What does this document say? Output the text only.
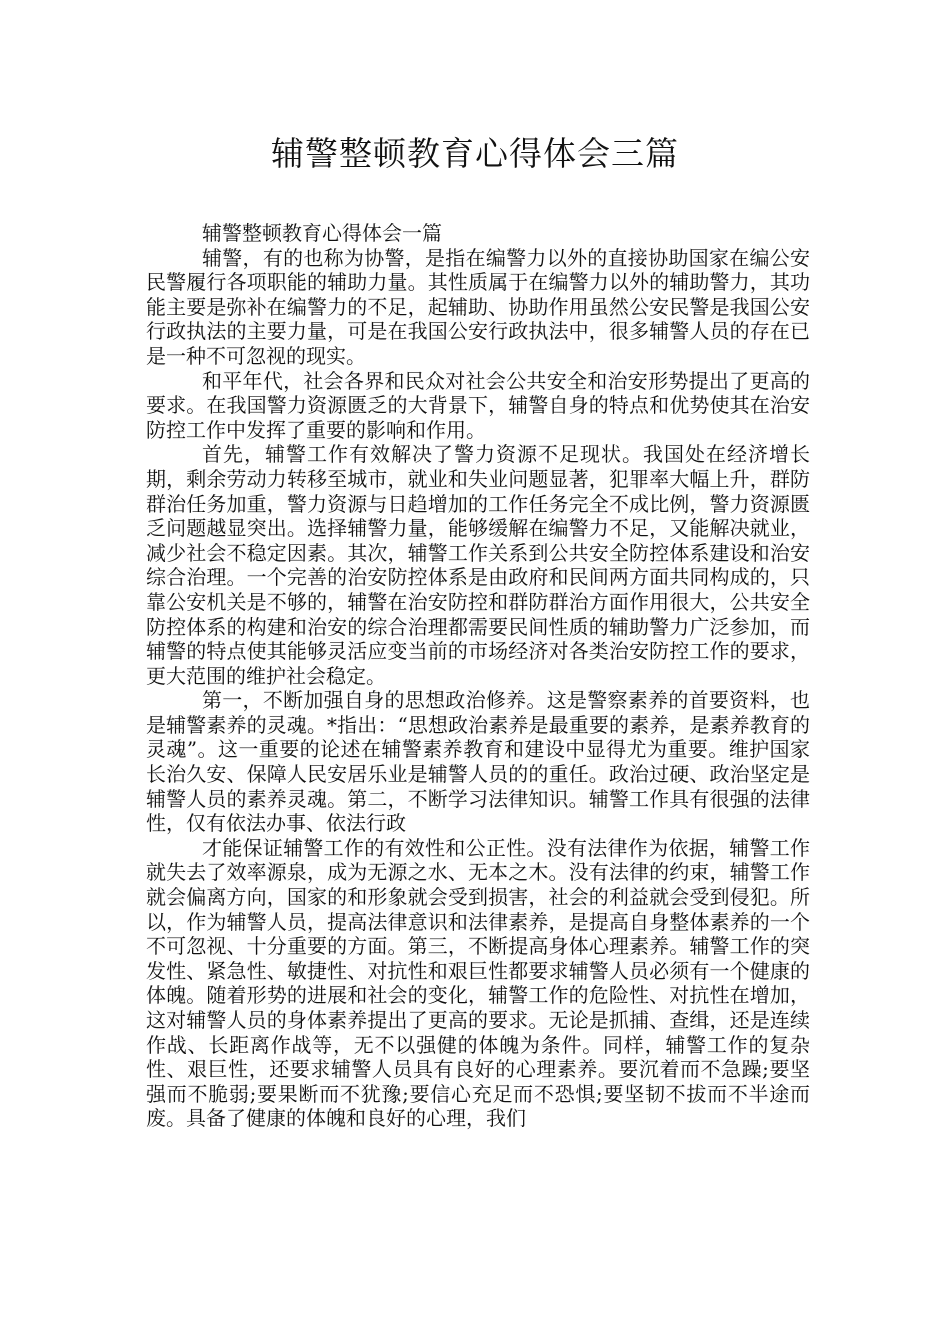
辅警整顿教育心得体会三篇

辅警整顿教育心得体会一篇

辅警，有的也称为协警，是指在编警力以外的直接协助国家在编公安民警履行各项职能的辅助力量。其性质属于在编警力以外的辅助警力，其功能主要是弥补在编警力的不足，起辅助、协助作用虽然公安民警是我国公安行政执法的主要力量，可是在我国公安行政执法中，很多辅警人员的存在已是一种不可忽视的现实。

和平年代，社会各界和民众对社会公共安全和治安形势提出了更高的要求。在我国警力资源匮乏的大背景下，辅警自身的特点和优势使其在治安防控工作中发挥了重要的影响和作用。

首先，辅警工作有效解决了警力资源不足现状。我国处在经济增长期，剩余劳动力转移至城市，就业和失业问题显著，犯罪率大幅上升，群防群治任务加重，警力资源与日趋增加的工作任务完全不成比例，警力资源匮乏问题越显突出。选择辅警力量，能够缓解在编警力不足，又能解决就业，减少社会不稳定因素。其次，辅警工作关系到公共安全防控体系建设和治安综合治理。一个完善的治安防控体系是由政府和民间两方面共同构成的，只靠公安机关是不够的，辅警在治安防控和群防群治方面作用很大，公共安全防控体系的构建和治安的综合治理都需要民间性质的辅助警力广泛参加，而辅警的特点使其能够灵活应变当前的市场经济对各类治安防控工作的要求，更大范围的维护社会稳定。

第一，不断加强自身的思想政治修养。这是警察素养的首要资料，也是辅警素养的灵魂。*指出：“思想政治素养是最重要的素养，是素养教育的灵魂”。这一重要的论述在辅警素养教育和建设中显得尤为重要。维护国家长治久安、保障人民安居乐业是辅警人员的的重任。政治过硬、政治坚定是辅警人员的素养灵魂。第二，不断学习法律知识。辅警工作具有很强的法律性，仅有依法办事、依法行政

才能保证辅警工作的有效性和公正性。没有法律作为依据，辅警工作就失去了效率源泉，成为无源之水、无本之木。没有法律的约束，辅警工作就会偏离方向，国家的和形象就会受到损害，社会的利益就会受到侵犯。所以，作为辅警人员，提高法律意识和法律素养，是提高自身整体素养的一个不可忽视、十分重要的方面。第三，不断提高身体心理素养。辅警工作的突发性、紧急性、敏捷性、对抗性和艰巨性都要求辅警人员必须有一个健康的体魄。随着形势的进展和社会的变化，辅警工作的危险性、对抗性在增加，这对辅警人员的身体素养提出了更高的要求。无论是抓捕、查缉，还是连续作战、长距离作战等，无不以强健的体魄为条件。同样，辅警工作的复杂性、艰巨性，还要求辅警人员具有良好的心理素养。要沉着而不急躁;要坚强而不脆弱;要果断而不犹豫;要信心充足而不恐惧;要坚韧不拔而不半途而废。具备了健康的体魄和良好的心理，我们
